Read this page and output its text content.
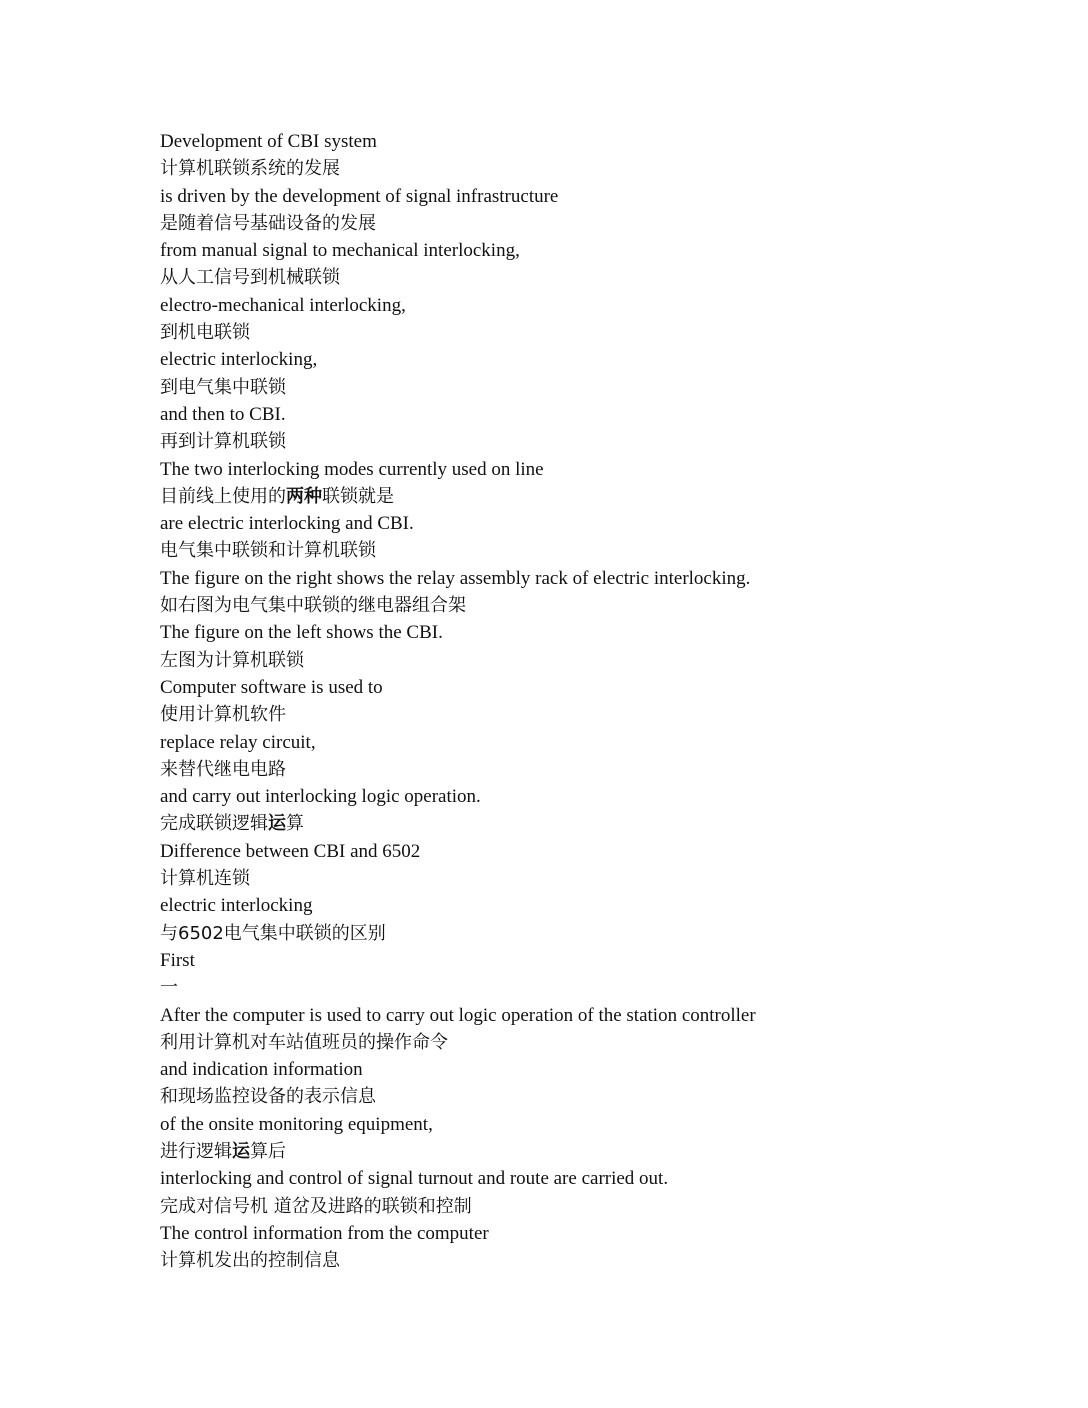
Development of CBI system
计算机联锁系统的发展
is driven by the development of signal infrastructure
是随着信号基础设备的发展
from manual signal to mechanical interlocking,
从人工信号到机械联锁
electro-mechanical interlocking,
到机电联锁
electric interlocking,
到电气集中联锁
and then to CBI.
再到计算机联锁
The two interlocking modes currently used on line
目前线上使用的两种联锁就是
are electric interlocking and CBI.
电气集中联锁和计算机联锁
The figure on the right shows the relay assembly rack of electric interlocking.
如右图为电气集中联锁的继电器组合架
The figure on the left shows the CBI.
左图为计算机联锁
Computer software is used to
使用计算机软件
replace relay circuit,
来替代继电电路
and carry out interlocking logic operation.
完成联锁逻辑运算
Difference between CBI and 6502
计算机连锁
electric interlocking
与6502电气集中联锁的区别
First
一
After the computer is used to carry out logic operation of the station controller
利用计算机对车站值班员的操作命令
and indication information
和现场监控设备的表示信息
of the onsite monitoring equipment,
进行逻辑运算后
interlocking and control of signal turnout and route are carried out.
完成对信号机 道岔及进路的联锁和控制
The control information from the computer
计算机发出的控制信息
